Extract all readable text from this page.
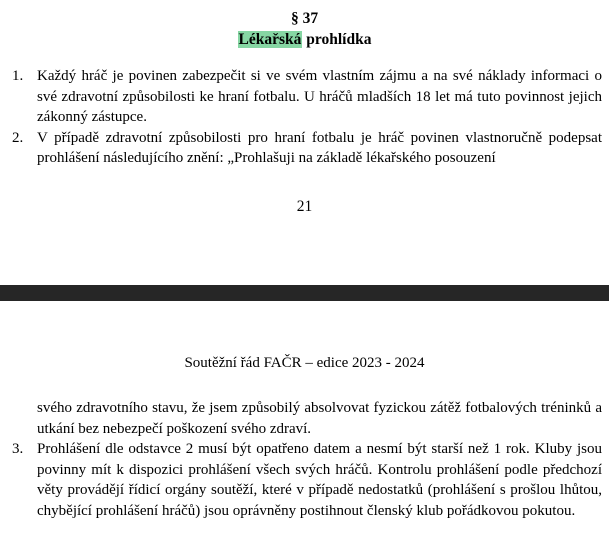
§ 37
Lékařská prohlídka
1. Každý hráč je povinen zabezpečit si ve svém vlastním zájmu a na své náklady informaci o své zdravotní způsobilosti ke hraní fotbalu. U hráčů mladších 18 let má tuto povinnost jejich zákonný zástupce.

2. V případě zdravotní způsobilosti pro hraní fotbalu je hráč povinen vlastnoručně podepsat prohlášení následujícího znění: „Prohlašuji na základě lékařského posouzení

21
Soutěžní řád FAČR – edice 2023 - 2024

svého zdravotního stavu, že jsem způsobilý absolvovat fyzickou zátěž fotbalových tréninků a utkání bez nebezpečí poškození svého zdraví.

3. Prohlášení dle odstavce 2 musí být opatřeno datem a nesmí být starší než 1 rok. Kluby jsou povinny mít k dispozici prohlášení všech svých hráčů. Kontrolu prohlášení podle předchozí věty provádějí řídicí orgány soutěží, které v případě nedostatků (prohlášení s prošlou lhůtou, chybějící prohlášení hráčů) jsou oprávněny postihnout členský klub pořádkovou pokutou.
